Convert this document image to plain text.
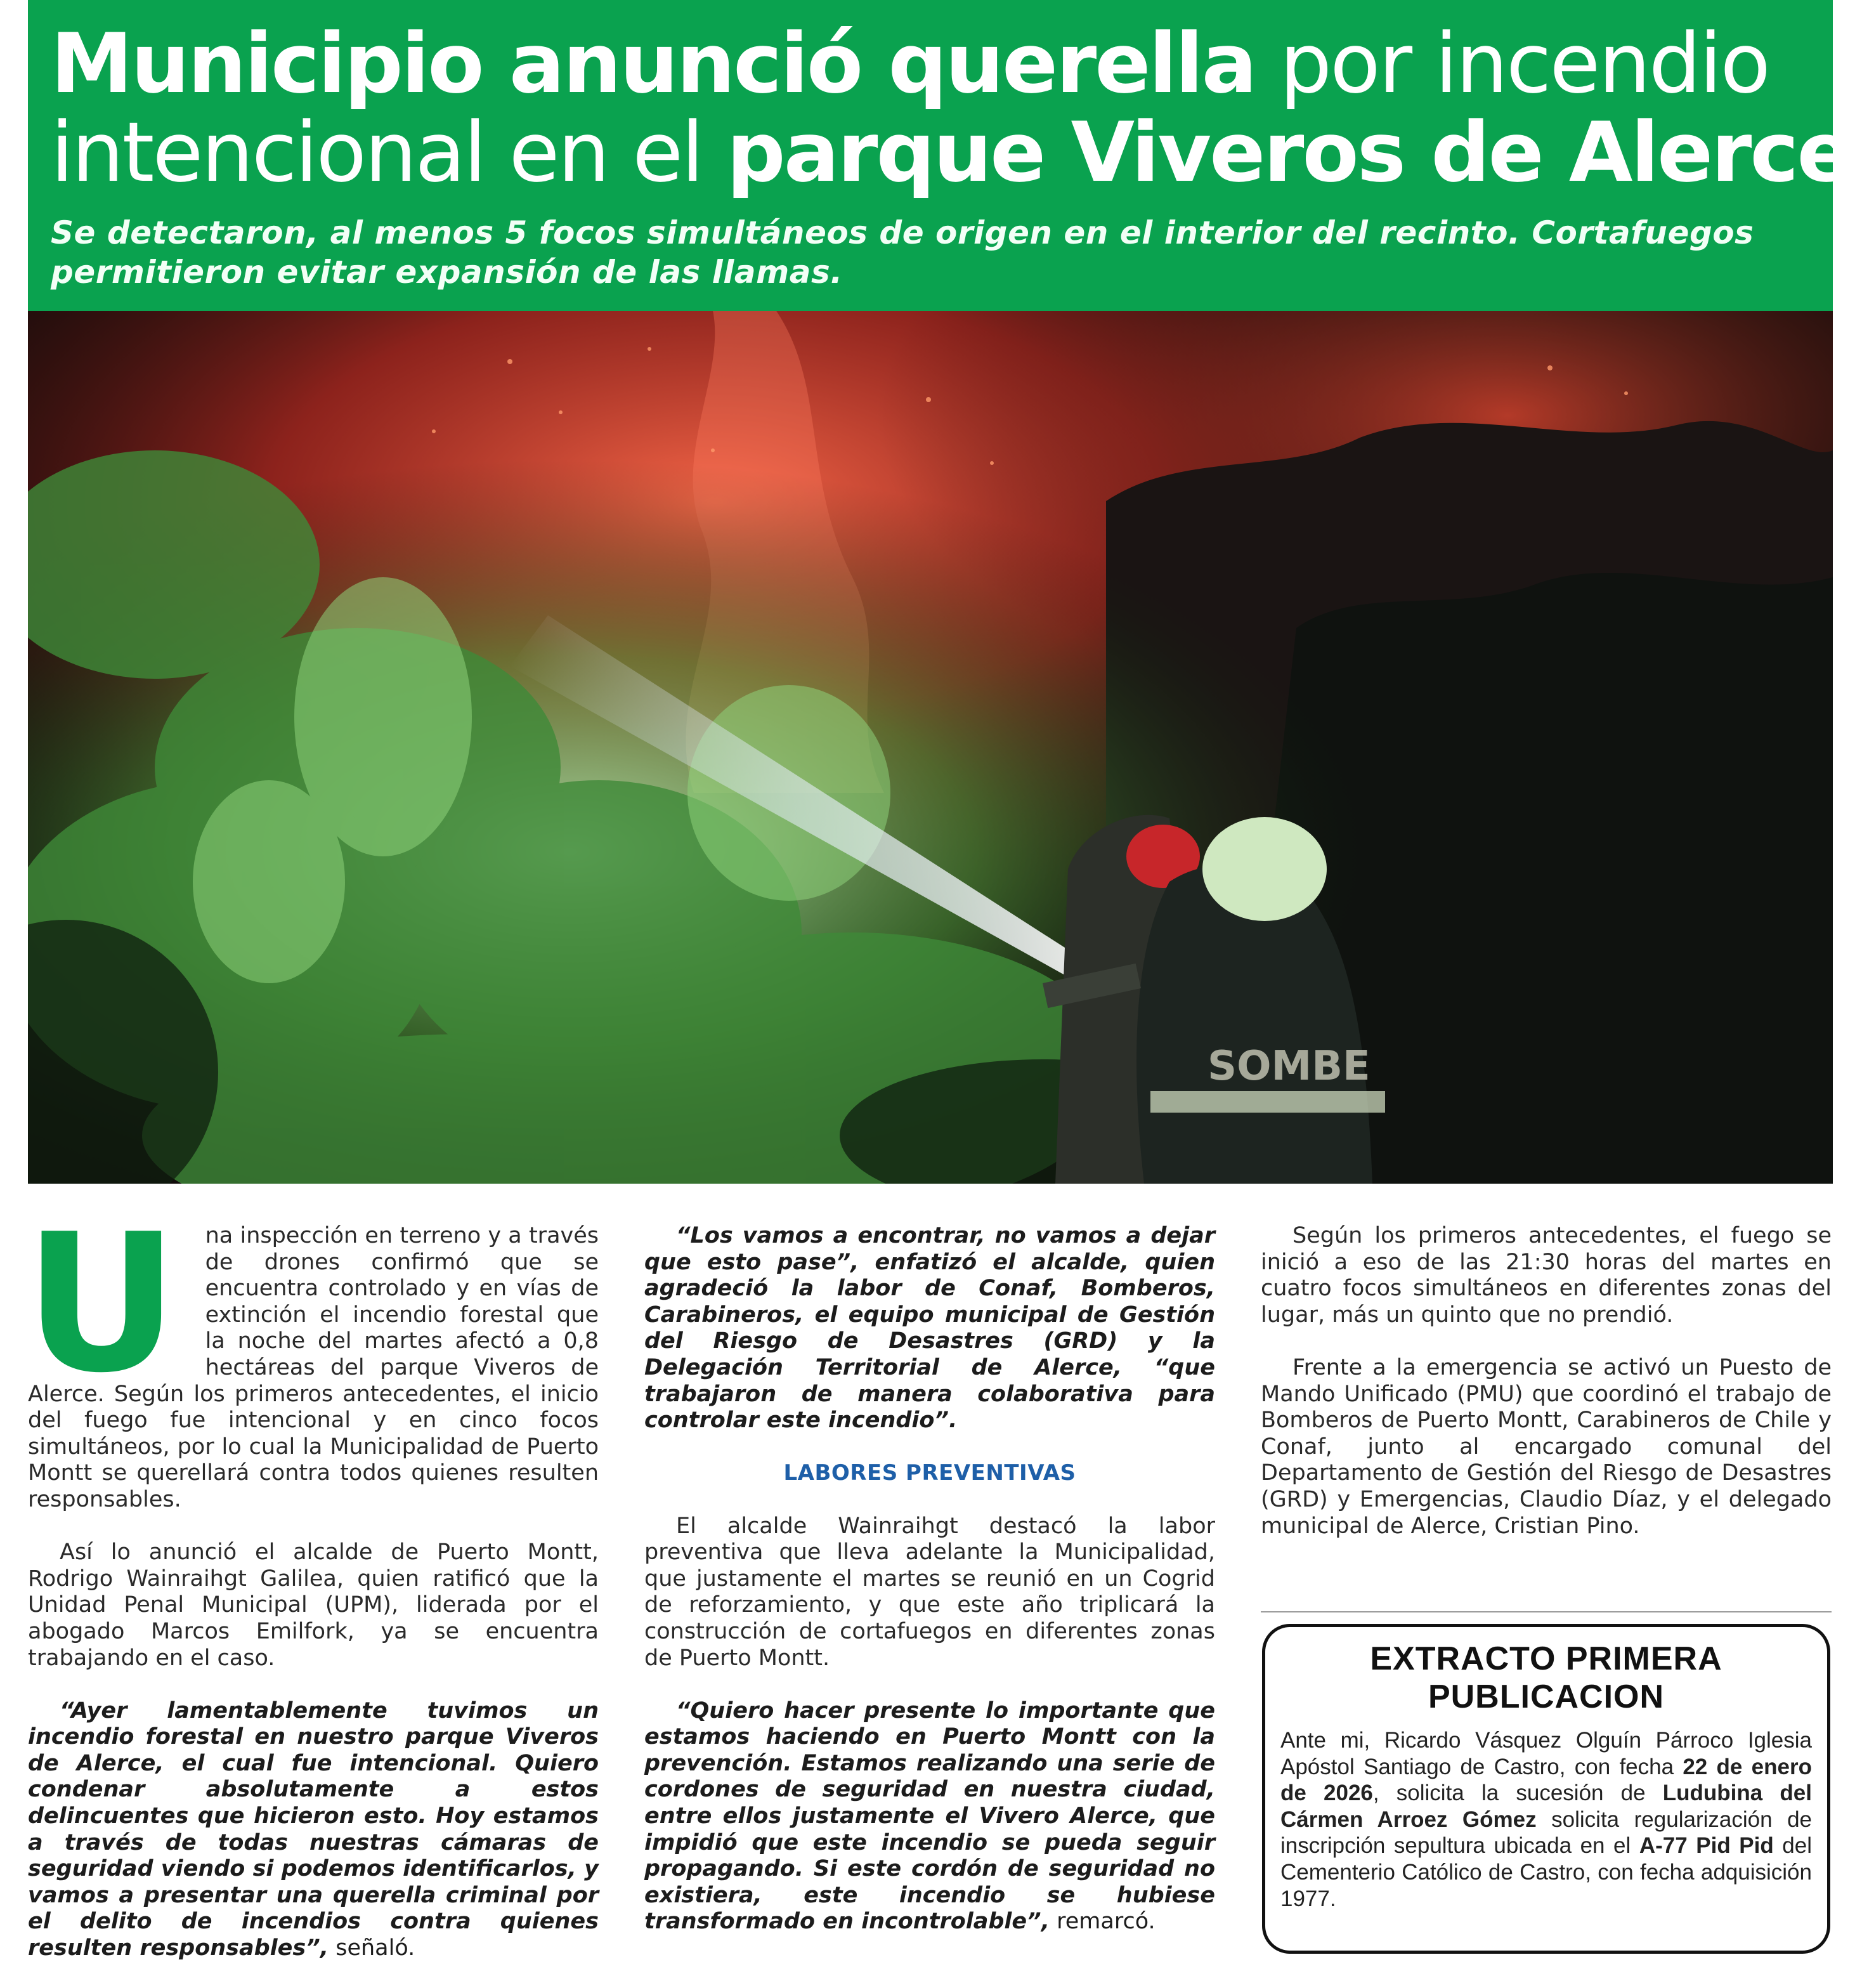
Municipio anunció querella por incendio
intencional en el parque Viveros de Alerce

Se detectaron, al menos 5 focos simultáneos de origen en el interior del recinto. Cortafuegos permitieron evitar expansión de las llamas.

SOMBE

U na inspección en terreno y a través de drones confirmó que se encuentra controlado y en vías de extinción el incendio forestal que la noche del martes afectó a 0,8 hectáreas del parque Viveros de Alerce. Según los primeros antecedentes, el inicio del fuego fue intencional y en cinco focos simultáneos, por lo cual la Municipalidad de Puerto Montt se querellará contra todos quienes resulten responsables.

Así lo anunció el alcalde de Puerto Montt, Rodrigo Wainraihgt Galilea, quien ratificó que la Unidad Penal Municipal (UPM), liderada por el abogado Marcos Emilfork, ya se encuentra trabajando en el caso.

“Ayer lamentablemente tuvimos un incendio forestal en nuestro parque Viveros de Alerce, el cual fue intencional. Quiero condenar absolutamente a estos delincuentes que hicieron esto. Hoy estamos a través de todas nuestras cámaras de seguridad viendo si podemos identificarlos, y vamos a presentar una querella criminal por el delito de incendios contra quienes resulten responsables”, señaló.

“Los vamos a encontrar, no vamos a dejar que esto pase”, enfatizó el alcalde, quien agradeció la labor de Conaf, Bomberos, Carabineros, el equipo municipal de Gestión del Riesgo de Desastres (GRD) y la Delegación Territorial de Alerce, “que trabajaron de manera colaborativa para controlar este incendio”.

LABORES PREVENTIVAS

El alcalde Wainraihgt destacó la labor preventiva que lleva adelante la Municipalidad, que justamente el martes se reunió en un Cogrid de reforzamiento, y que este año triplicará la construcción de cortafuegos en diferentes zonas de Puerto Montt.

“Quiero hacer presente lo importante que estamos haciendo en Puerto Montt con la prevención. Estamos realizando una serie de cordones de seguridad en nuestra ciudad, entre ellos justamente el Vivero Alerce, que impidió que este incendio se pueda seguir propagando. Si este cordón de seguridad no existiera, este incendio se hubiese transformado en incontrolable”, remarcó.

Según los primeros antecedentes, el fuego se inició a eso de las 21:30 horas del martes en cuatro focos simultáneos en diferentes zonas del lugar, más un quinto que no prendió.

Frente a la emergencia se activó un Puesto de Mando Unificado (PMU) que coordinó el trabajo de Bomberos de Puerto Montt, Carabineros de Chile y Conaf, junto al encargado comunal del Departamento de Gestión del Riesgo de Desastres (GRD) y Emergencias, Claudio Díaz, y el delegado municipal de Alerce, Cristian Pino.

EXTRACTO PRIMERA
PUBLICACION
Ante mi, Ricardo Vásquez Olguín Párroco Iglesia Apóstol Santiago de Castro, con fecha 22 de enero de 2026, solicita la sucesión de Ludubina del Cármen Arroez Gómez solicita regularización de inscripción sepultura ubicada en el A-77 Pid Pid del Cementerio Católico de Castro, con fecha adquisición 1977.
